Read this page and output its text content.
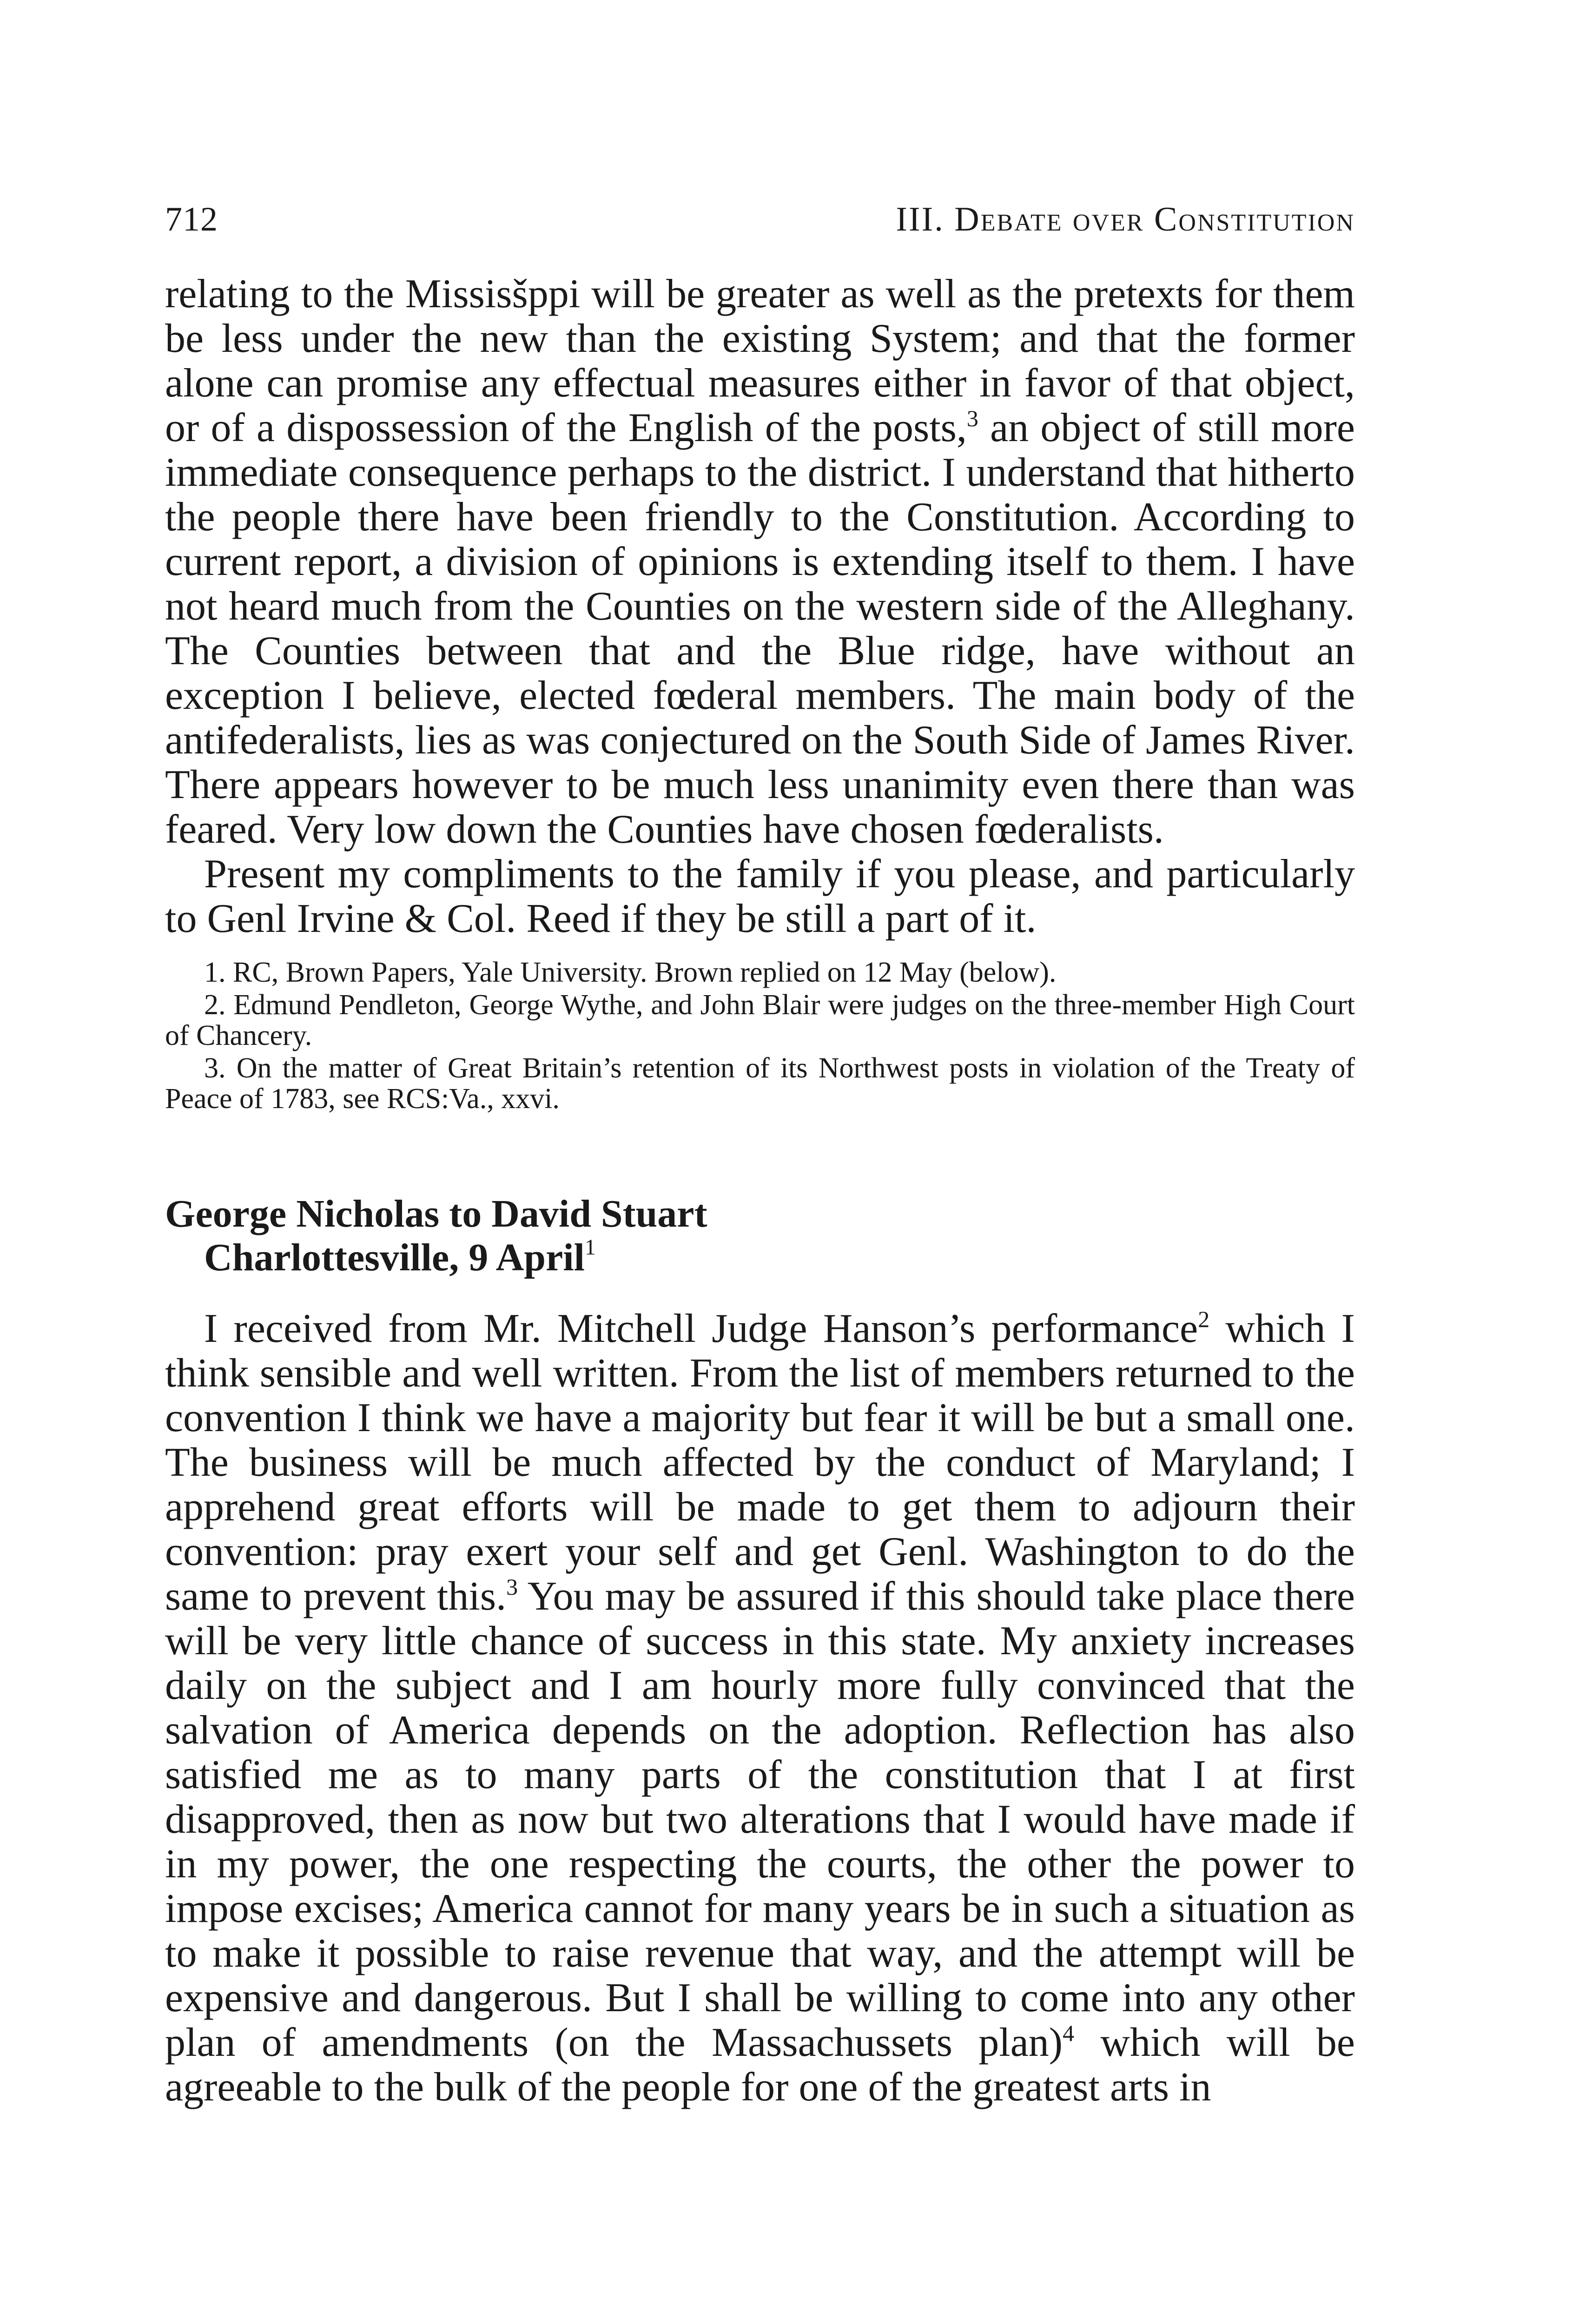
712	III. Debate over Constitution

relating to the Missisšppi will be greater as well as the pretexts for them be less under the new than the existing System; and that the former alone can promise any effectual measures either in favor of that object, or of a dispossession of the English of the posts,$^3$ an object of still more immediate consequence perhaps to the district. I understand that hitherto the people there have been friendly to the Constitution. According to current report, a division of opinions is extending itself to them. I have not heard much from the Counties on the western side of the Alleghany. The Counties between that and the Blue ridge, have without an exception I believe, elected fœderal members. The main body of the antifederalists, lies as was conjectured on the South Side of James River. There appears however to be much less unanimity even there than was feared. Very low down the Counties have chosen fœderalists.

Present my compliments to the family if you please, and particularly to Genl Irvine & Col. Reed if they be still a part of it.

1. RC, Brown Papers, Yale University. Brown replied on 12 May (below).

2. Edmund Pendleton, George Wythe, and John Blair were judges on the three-member High Court of Chancery.

3. On the matter of Great Britain’s retention of its Northwest posts in violation of the Treaty of Peace of 1783, see RCS:Va., xxvi.

George Nicholas to David Stuart
Charlottesville, 9 April$^1$

I received from Mr. Mitchell Judge Hanson’s performance$^2$ which I think sensible and well written. From the list of members returned to the convention I think we have a majority but fear it will be but a small one. The business will be much affected by the conduct of Maryland; I apprehend great efforts will be made to get them to adjourn their convention: pray exert your self and get Genl. Washington to do the same to prevent this.$^3$ You may be assured if this should take place there will be very little chance of success in this state. My anxiety increases daily on the subject and I am hourly more fully convinced that the salvation of America depends on the adoption. Reflection has also satisfied me as to many parts of the constitution that I at first disapproved, then as now but two alterations that I would have made if in my power, the one respecting the courts, the other the power to impose excises; America cannot for many years be in such a situation as to make it possible to raise revenue that way, and the attempt will be expensive and dangerous. But I shall be willing to come into any other plan of amendments (on the Massachussets plan)$^4$ which will be agreeable to the bulk of the people for one of the greatest arts in
